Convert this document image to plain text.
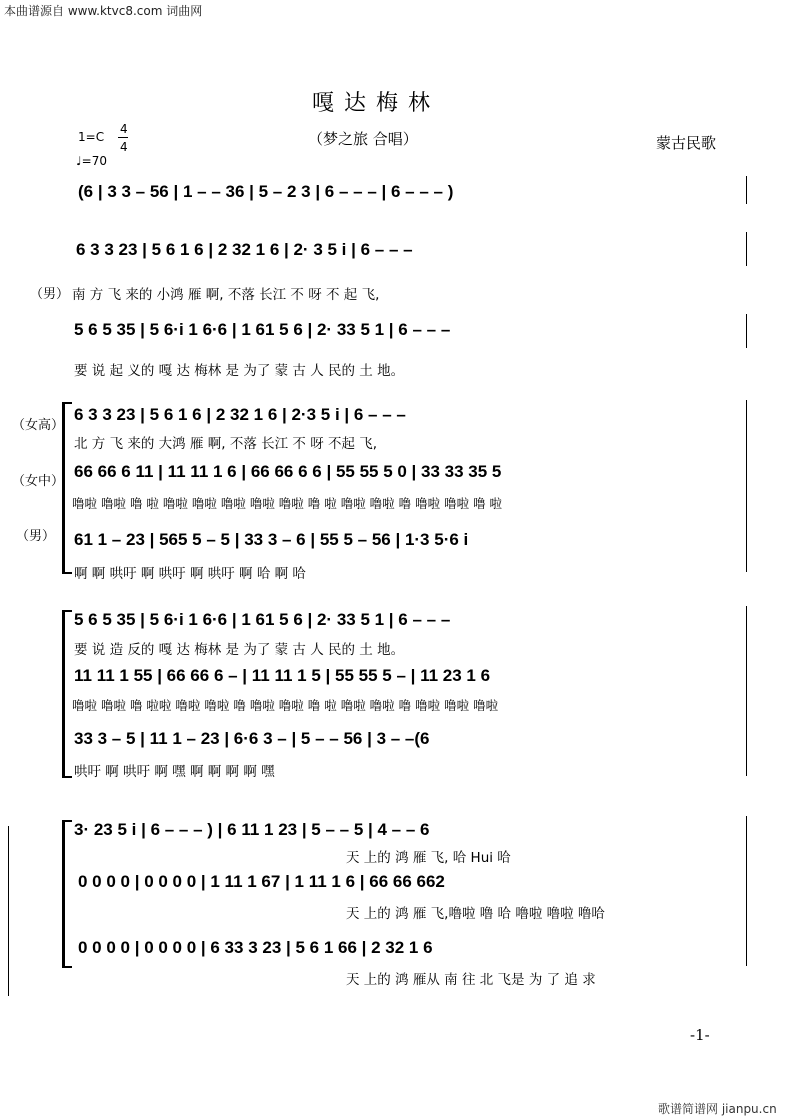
本曲谱源自 www.ktvc8.com 词曲网
嘎达梅林
（梦之旅 合唱）	蒙古民歌
1=C
4
4
♩=70
(6 | 3 3 – 56 | 1 – – 36 | 5 – 2 3 | 6 – – – | 6 – – – )
6 3 3 23 | 5 6 1 6 | 2 32 1 6 | 2· 3 5 i | 6 – – –
（男） 南 方 飞 来的 小鸿 雁 啊, 不落 长江 不 呀 不 起 飞,
5 6 5 35 | 5 6·i 1 6·6 | 1 61 5 6 | 2· 33 5 1 | 6 – – –
要 说 起 义的 嘎 达 梅林 是 为了 蒙 古 人 民的 土 地。
（女高）
（女中）
（男）
6 3 3 23 | 5 6 1 6 | 2 32 1 6 | 2·3 5 i | 6 – – –
北 方 飞 来的 大鸿 雁 啊, 不落 长江 不 呀 不起 飞,
66 66 6 11 | 11 11 1 6 | 66 66 6 6 | 55 55 5 0 | 33 33 35 5
噜啦 噜啦 噜 啦 噜啦 噜啦 噜啦 噜啦 噜啦 噜 啦 噜啦 噜啦 噜 噜啦 噜啦 噜 啦
61 1 – 23 | 565 5 – 5 | 33 3 – 6 | 55 5 – 56 | 1·3 5·6 i
啊 啊 哄吁 啊 哄吁 啊 哄吁 啊 哈 啊 哈
5 6 5 35 | 5 6·i 1 6·6 | 1 61 5 6 | 2· 33 5 1 | 6 – – –
要 说 造 反的 嘎 达 梅林 是 为了 蒙 古 人 民的 土 地。
11 11 1 55 | 66 66 6 – | 11 11 1 5 | 55 55 5 – | 11 23 1 6
噜啦 噜啦 噜 啦啦 噜啦 噜啦 噜 噜啦 噜啦 噜 啦 噜啦 噜啦 噜 噜啦 噜啦 噜啦
33 3 – 5 | 11 1 – 23 | 6·6 3 – | 5 – – 56 | 3 – –(6
哄吁 啊 哄吁 啊 嘿 啊 啊 啊 啊 嘿
3· 23 5 i | 6 – – – ) | 6 11 1 23 | 5 – – 5 | 4 – – 6
天 上的 鸿 雁 飞, 哈 Hui 哈
0 0 0 0 | 0 0 0 0 | 1 11 1 67 | 1 11 1 6 | 66 66 662
天 上的 鸿 雁 飞,噜啦 噜 哈 噜啦 噜啦 噜哈
0 0 0 0 | 0 0 0 0 | 6 33 3 23 | 5 6 1 66 | 2 32 1 6
天 上的 鸿 雁从 南 往 北 飞是 为 了 追 求
-1-
歌谱简谱网 jianpu.cn
